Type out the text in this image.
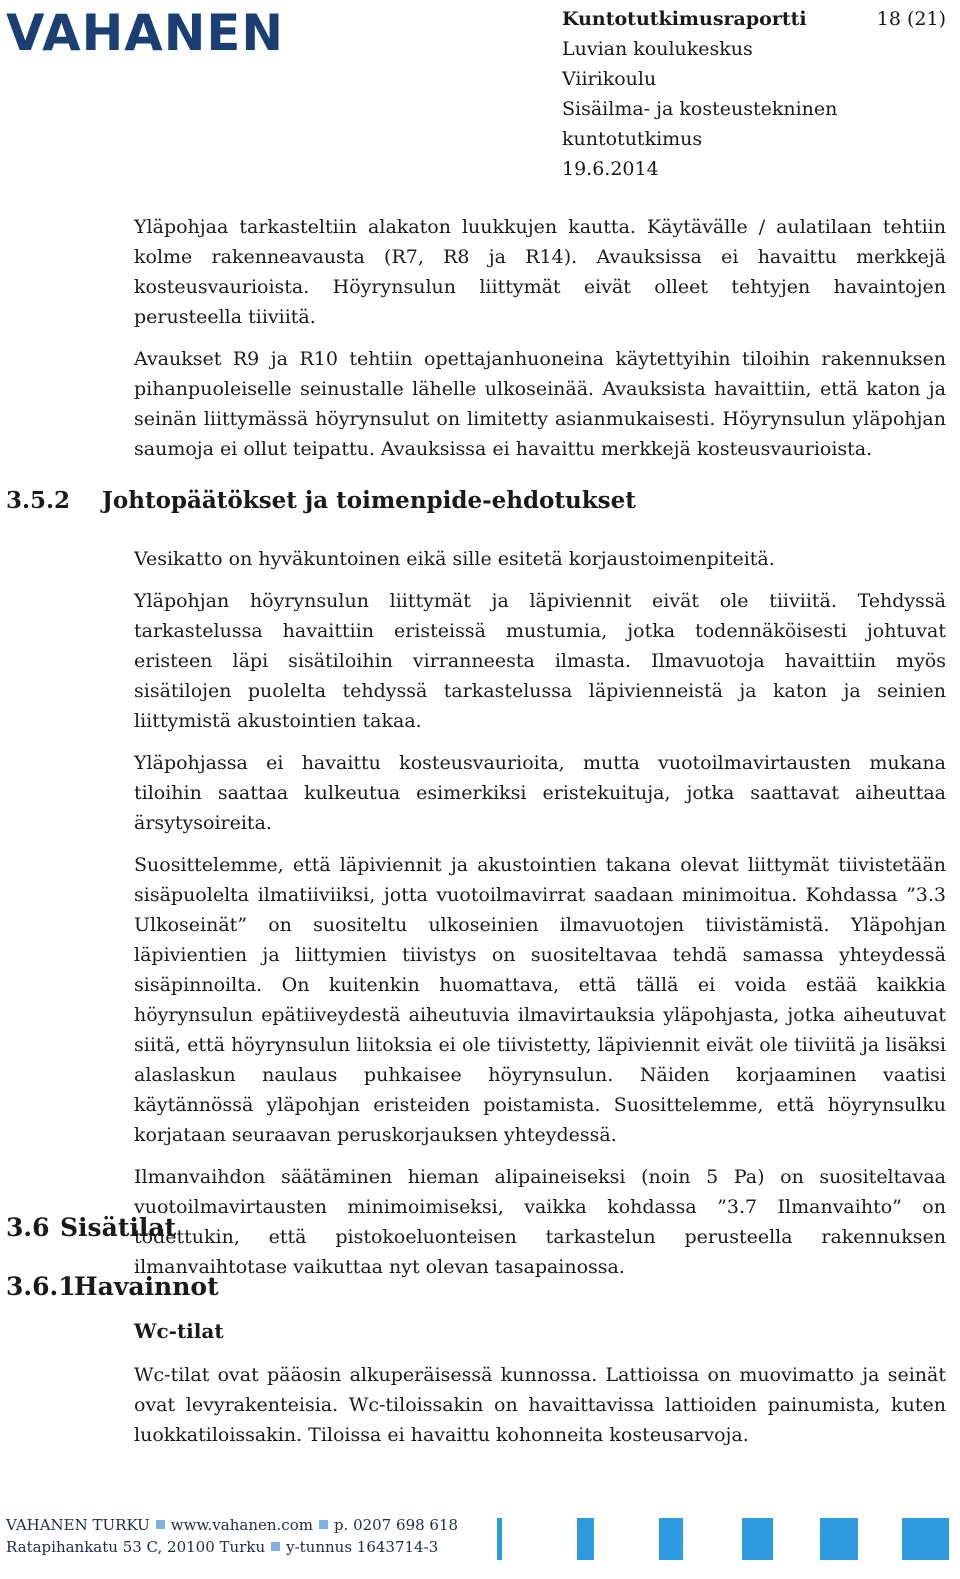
VAHANEN	Kuntotutkimusraportti
Luvian koulukeskus
Viirikoulu
Sisäilma- ja kosteustekninen
kuntotutkimus
19.6.2014
18 (21)

Yläpohjaa tarkasteltiin alakaton luukkujen kautta. Käytävälle / aulatilaan tehtiin kolme rakenneavausta (R7, R8 ja R14). Avauksissa ei havaittu merkkejä kosteusvaurioista. Höyrynsulun liittymät eivät olleet tehtyjen havaintojen perusteella tiiviitä.

Avaukset R9 ja R10 tehtiin opettajanhuoneina käytettyihin tiloihin rakennuksen pihanpuoleiselle seinustalle lähelle ulkoseinää. Avauksista havaittiin, että katon ja seinän liittymässä höyrynsulut on limitetty asianmukaisesti. Höyrynsulun yläpohjan saumoja ei ollut teipattu. Avauksissa ei havaittu merkkejä kosteusvaurioista.

3.5.2 Johtopäätökset ja toimenpide-ehdotukset

Vesikatto on hyväkuntoinen eikä sille esitetä korjaustoimenpiteitä.

Yläpohjan höyrynsulun liittymät ja läpiviennit eivät ole tiiviitä. Tehdyssä tarkastelussa havaittiin eristeissä mustumia, jotka todennäköisesti johtuvat eristeen läpi sisätiloihin virranneesta ilmasta. Ilmavuotoja havaittiin myös sisätilojen puolelta tehdyssä tarkastelussa läpivienneistä ja katon ja seinien liittymistä akustointien takaa.

Yläpohjassa ei havaittu kosteusvaurioita, mutta vuotoilmavirtausten mukana tiloihin saattaa kulkeutua esimerkiksi eristekuituja, jotka saattavat aiheuttaa ärsytysoireita.

Suosittelemme, että läpiviennit ja akustointien takana olevat liittymät tiivistetään sisäpuolelta ilmatiiviiksi, jotta vuotoilmavirrat saadaan minimoitua. Kohdassa ”3.3 Ulkoseinät” on suositeltu ulkoseinien ilmavuotojen tiivistämistä. Yläpohjan läpivientien ja liittymien tiivistys on suositeltavaa tehdä samassa yhteydessä sisäpinnoilta. On kuitenkin huomattava, että tällä ei voida estää kaikkia höyrynsulun epätiiveydestä aiheutuvia ilmavirtauksia yläpohjasta, jotka aiheutuvat siitä, että höyrynsulun liitoksia ei ole tiivistetty, läpiviennit eivät ole tiiviitä ja lisäksi alaslaskun naulaus puhkaisee höyrynsulun. Näiden korjaaminen vaatisi käytännössä yläpohjan eristeiden poistamista. Suosittelemme, että höyrynsulku korjataan seuraavan peruskorjauksen yhteydessä.

Ilmanvaihdon säätäminen hieman alipaineiseksi (noin 5 Pa) on suositeltavaa vuotoilmavirtausten minimoimiseksi, vaikka kohdassa ”3.7 Ilmanvaihto” on todettukin, että pistokoeluonteisen tarkastelun perusteella rakennuksen ilmanvaihtotase vaikuttaa nyt olevan tasapainossa.

3.6 Sisätilat
3.6.1Havainnot
Wc-tilat

Wc-tilat ovat pääosin alkuperäisessä kunnossa. Lattioissa on muovimatto ja seinät ovat levyrakenteisia. Wc-tiloissakin on havaittavissa lattioiden painumista, kuten luokkatiloissakin. Tiloissa ei havaittu kohonneita kosteusarvoja.

VAHANEN TURKU www.vahanen.com p. 0207 698 618
Ratapihankatu 53 C, 20100 Turku y-tunnus 1643714-3
